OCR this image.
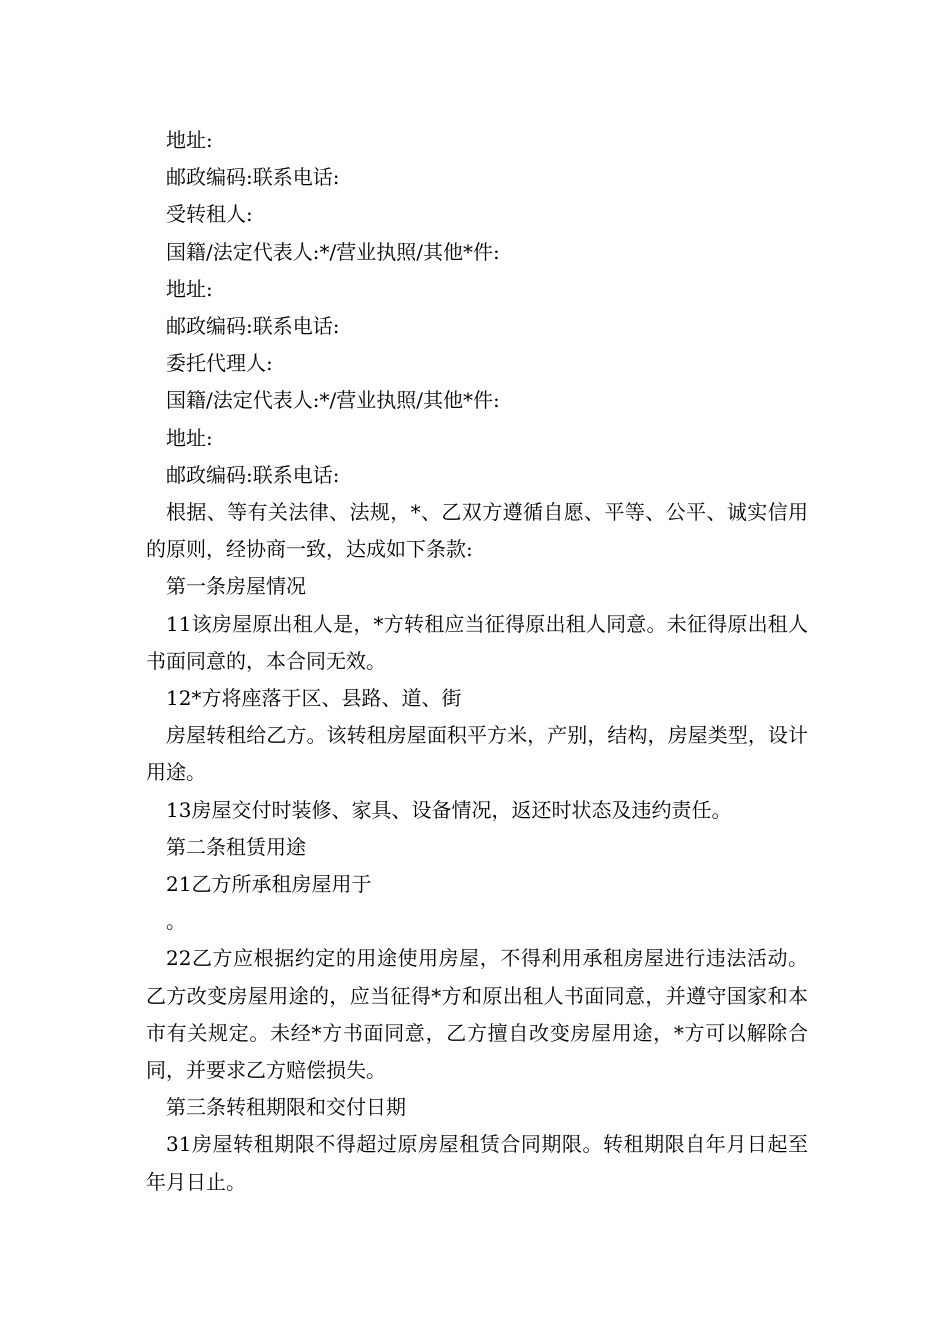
地址:

邮政编码:联系电话:

受转租人:

国籍/法定代表人:*/营业执照/其他*件:

地址:

邮政编码:联系电话:

委托代理人:

国籍/法定代表人:*/营业执照/其他*件:

地址:

邮政编码:联系电话:

根据、等有关法律、法规，*、乙双方遵循自愿、平等、公平、诚实信用的原则，经协商一致，达成如下条款:

第一条房屋情况

11该房屋原出租人是，*方转租应当征得原出租人同意。未征得原出租人书面同意的，本合同无效。

12*方将座落于区、县路、道、街

房屋转租给乙方。该转租房屋面积平方米，产别，结构，房屋类型，设计用途。

13房屋交付时装修、家具、设备情况，返还时状态及违约责任。

第二条租赁用途

21乙方所承租房屋用于

。

22乙方应根据约定的用途使用房屋，不得利用承租房屋进行违法活动。乙方改变房屋用途的，应当征得*方和原出租人书面同意，并遵守国家和本市有关规定。未经*方书面同意，乙方擅自改变房屋用途，*方可以解除合同，并要求乙方赔偿损失。

第三条转租期限和交付日期

31房屋转租期限不得超过原房屋租赁合同期限。转租期限自年月日起至年月日止。
